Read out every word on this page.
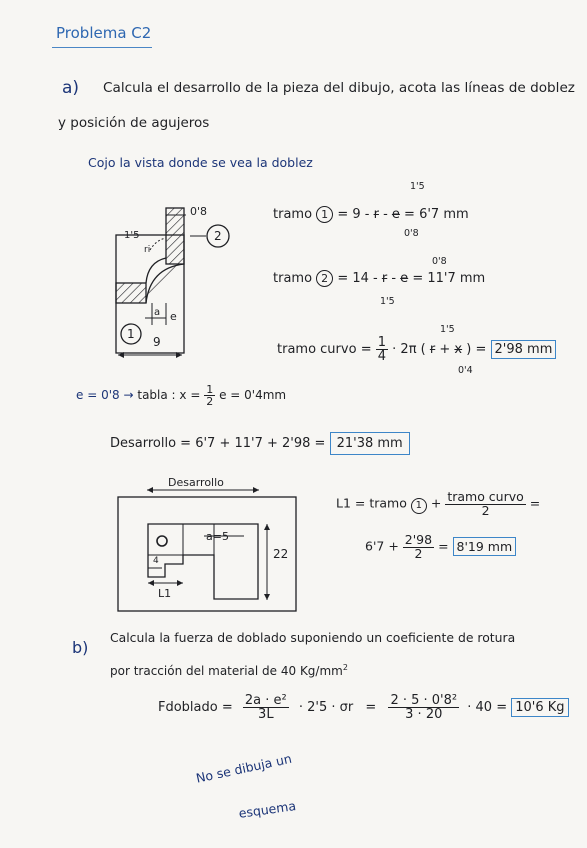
Problema C2
a) Calcula el desarrollo de la pieza del dibujo, acota las líneas de doblez
y posición de agujeros
Cojo la vista donde se vea la doblez
0'8
1'5
ri
2
1
a e
9
tramo 1 = 9 - r - e = 6'7 mm
1'5
0'8
tramo 2 = 14 - r - e = 11'7 mm
0'8
1'5
tramo curvo = $\frac{1}{4} \cdot 2\pi$ ( r + x ) = 2'98 mm
1'5
0'4
e = 0'8 → tabla : $x = \frac{1}{2}$ e = 0'4mm
Desarrollo = 6'7 + 11'7 + 2'98 = 21'38 mm
Desarrollo
a=5
22
4
L1
L1 = tramo $1 + \frac{\text{tramo curvo}}{2}$ =
$6'7 + \frac{2'98}{2} = 8'19$ mm
b)
Calcula la fuerza de doblado suponiendo un coeficiente de rotura
por tracción del material de 40 $Kg/mm^2$
Fdoblado = $\frac{\text{2a · e²}}{3L} \cdot 2'5 \cdot \sigma r = \frac{\text{2 · 5 · 0'8²}}{3 \cdot 20} \cdot 40 = 10'6$ Kg
No se dibuja un
esquema
